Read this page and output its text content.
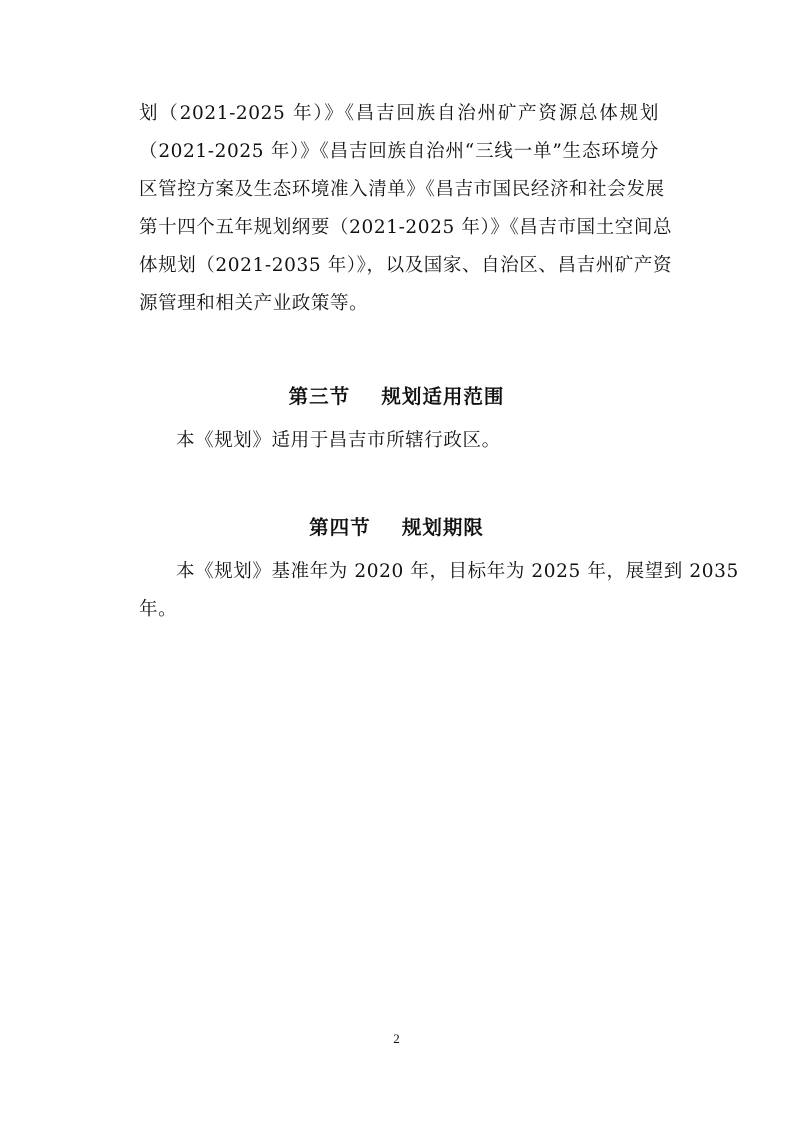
划（2021-2025 年）》《昌吉回族自治州矿产资源总体规划
（2021-2025 年）》《昌吉回族自治州“三线一单”生态环境分
区管控方案及生态环境准入清单》《昌吉市国民经济和社会发展
第十四个五年规划纲要（2021-2025 年）》《昌吉市国土空间总
体规划（2021-2035 年）》，以及国家、自治区、昌吉州矿产资
源管理和相关产业政策等。
第三节    规划适用范围
本《规划》适用于昌吉市所辖行政区。
第四节    规划期限
本《规划》基准年为 2020 年，目标年为 2025 年，展望到 2035
年。
2
